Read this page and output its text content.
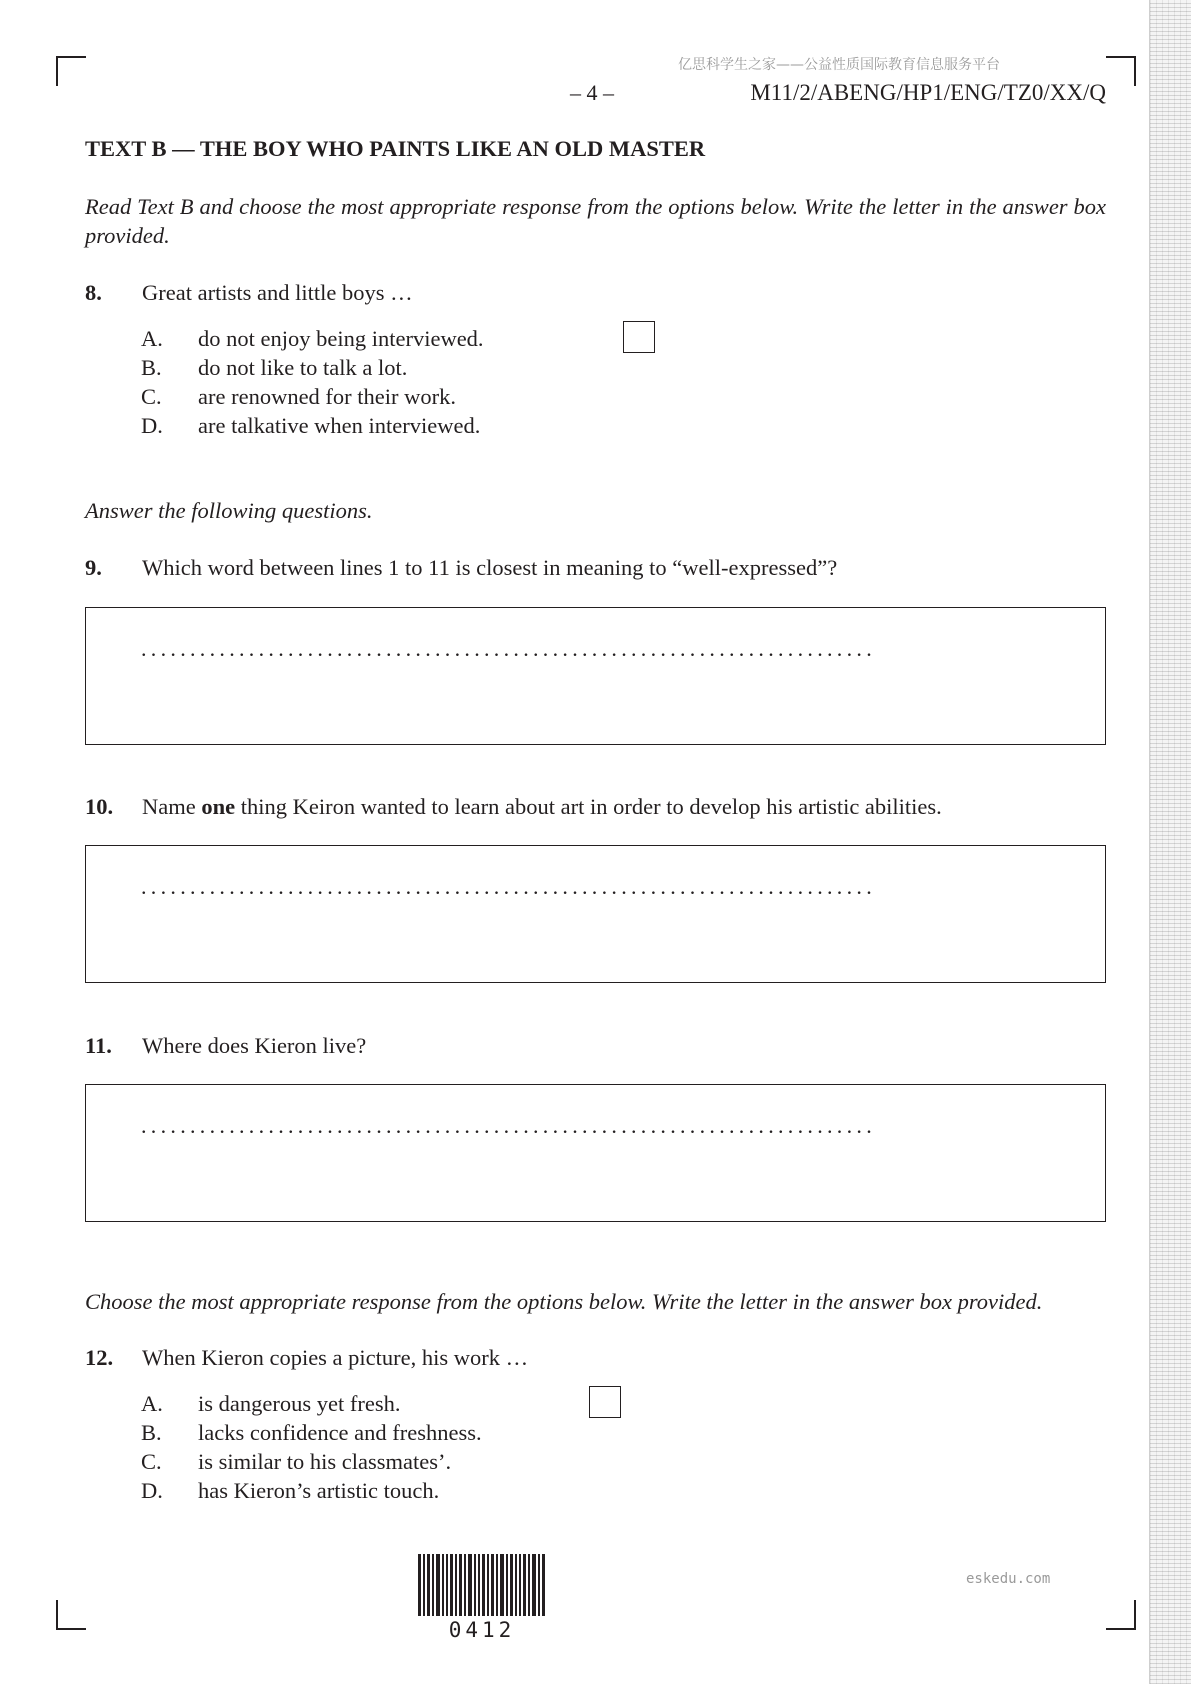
亿思科学生之家——公益性质国际教育信息服务平台
– 4 –	M11/2/ABENG/HP1/ENG/TZ0/XX/Q
TEXT B — THE BOY WHO PAINTS LIKE AN OLD MASTER
Read Text B and choose the most appropriate response from the options below. Write the letter in the answer box provided.
8. Great artists and little boys …
A. do not enjoy being interviewed.
B. do not like to talk a lot.
C. are renowned for their work.
D. are talkative when interviewed.
Answer the following questions.
9. Which word between lines 1 to 11 is closest in meaning to “well-expressed”?
...........................................................................
10. Name one thing Keiron wanted to learn about art in order to develop his artistic abilities.
...........................................................................
11. Where does Kieron live?
...........................................................................
Choose the most appropriate response from the options below. Write the letter in the answer box provided.
12. When Kieron copies a picture, his work …
A. is dangerous yet fresh.
B. lacks confidence and freshness.
C. is similar to his classmates’.
D. has Kieron’s artistic touch.
0412
eskedu.com
